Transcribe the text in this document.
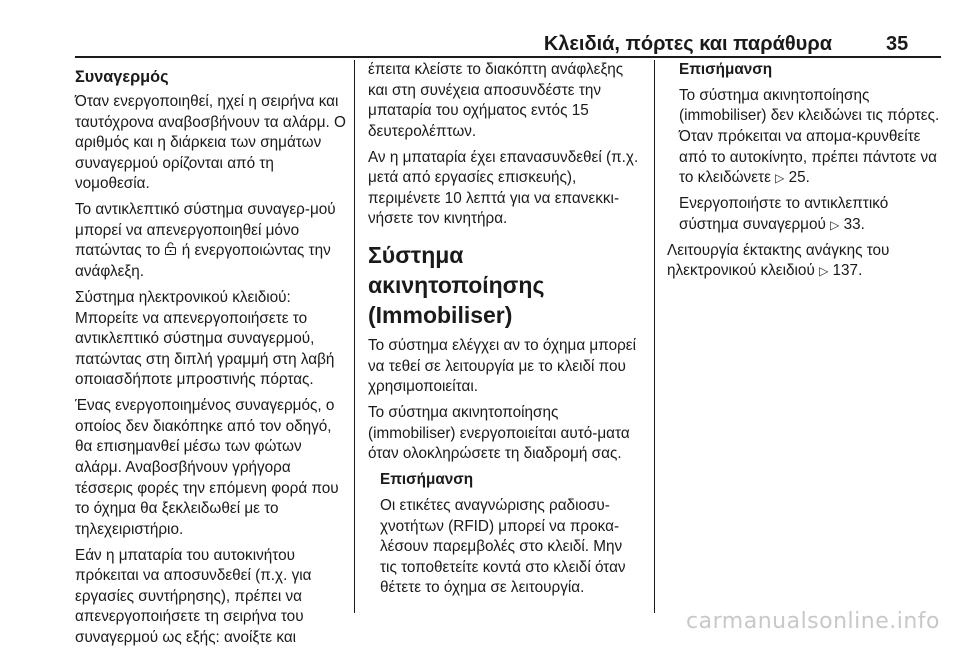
Κλειδιά, πόρτες και παράθυρα	35
Συναγερμός

Όταν ενεργοποιηθεί, ηχεί η σειρήνα και ταυτόχρονα αναβοσβήνουν τα αλάρμ. Ο αριθμός και η διάρκεια των σημάτων συναγερμού ορίζονται από τη νομοθεσία.

Το αντικλεπτικό σύστημα συναγερ-μού μπορεί να απενεργοποιηθεί μόνο πατώντας το ή ενεργοποιώντας την ανάφλεξη.

Σύστημα ηλεκτρονικού κλειδιού: Μπορείτε να απενεργοποιήσετε το αντικλεπτικό σύστημα συναγερμού, πατώντας στη διπλή γραμμή στη λαβή οποιασδήποτε μπροστινής πόρτας.

Ένας ενεργοποιημένος συναγερμός, ο οποίος δεν διακόπηκε από τον οδηγό, θα επισημανθεί μέσω των φώτων αλάρμ. Αναβοσβήνουν γρήγορα τέσσερις φορές την επόμενη φορά που το όχημα θα ξεκλειδωθεί με το τηλεχειριστήριο.

Εάν η μπαταρία του αυτοκινήτου πρόκειται να αποσυνδεθεί (π.χ. για εργασίες συντήρησης), πρέπει να απενεργοποιήσετε τη σειρήνα του συναγερμού ως εξής: ανοίξτε και

έπειτα κλείστε το διακόπτη ανάφλεξης και στη συνέχεια αποσυνδέστε την μπαταρία του οχήματος εντός 15 δευτερολέπτων.

Αν η μπαταρία έχει επανασυνδεθεί (π.χ. μετά από εργασίες επισκευής), περιμένετε 10 λεπτά για να επανεκκι-νήσετε τον κινητήρα.

Σύστημα ακινητοποίησης (Immobiliser)

Το σύστημα ελέγχει αν το όχημα μπορεί να τεθεί σε λειτουργία με το κλειδί που χρησιμοποιείται.

Το σύστημα ακινητοποίησης (immobiliser) ενεργοποιείται αυτό-ματα όταν ολοκληρώσετε τη διαδρομή σας.

Επισήμανση

Οι ετικέτες αναγνώρισης ραδιοσυ-χνοτήτων (RFID) μπορεί να προκα-λέσουν παρεμβολές στο κλειδί. Μην τις τοποθετείτε κοντά στο κλειδί όταν θέτετε το όχημα σε λειτουργία.

Επισήμανση

Το σύστημα ακινητοποίησης (immobiliser) δεν κλειδώνει τις πόρτες. Όταν πρόκειται να απομα-κρυνθείτε από το αυτοκίνητο, πρέπει πάντοτε να το κλειδώνετε ▷ 25.

Ενεργοποιήστε το αντικλεπτικό σύστημα συναγερμού ▷ 33.

Λειτουργία έκτακτης ανάγκης του ηλεκτρονικού κλειδιού ▷ 137.

carmanualsonline.info
